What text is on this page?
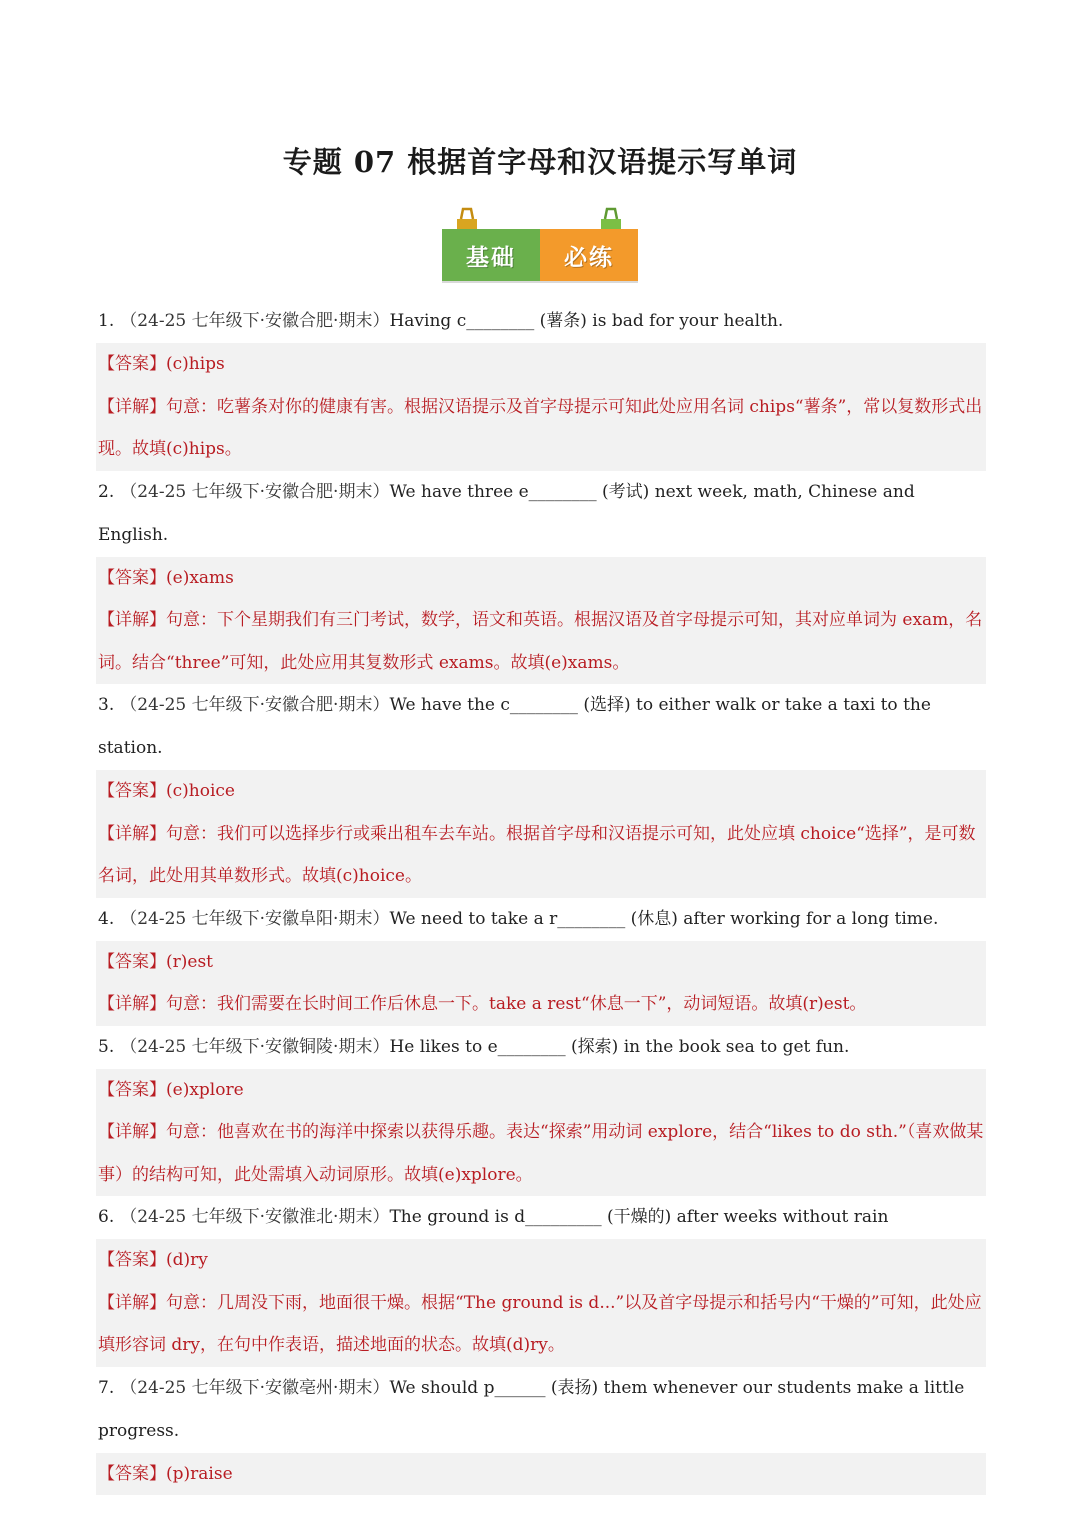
专题 07 根据首字母和汉语提示写单词
基础	必练
1. （24-25 七年级下·安徽合肥·期末）Having c________ (薯条) is bad for your health.
【答案】(c)hips
【详解】句意：吃薯条对你的健康有害。根据汉语提示及首字母提示可知此处应用名词 chips“薯条”，常以复数形式出现。故填(c)hips。
2. （24-25 七年级下·安徽合肥·期末）We have three e________ (考试) next week, math, Chinese and English.
【答案】(e)xams
【详解】句意：下个星期我们有三门考试，数学，语文和英语。根据汉语及首字母提示可知，其对应单词为 exam，名词。结合“three”可知，此处应用其复数形式 exams。故填(e)xams。
3. （24-25 七年级下·安徽合肥·期末）We have the c________ (选择) to either walk or take a taxi to the station.
【答案】(c)hoice
【详解】句意：我们可以选择步行或乘出租车去车站。根据首字母和汉语提示可知，此处应填 choice“选择”，是可数名词，此处用其单数形式。故填(c)hoice。
4. （24-25 七年级下·安徽阜阳·期末）We need to take a r________ (休息) after working for a long time.
【答案】(r)est
【详解】句意：我们需要在长时间工作后休息一下。take a rest“休息一下”，动词短语。故填(r)est。
5. （24-25 七年级下·安徽铜陵·期末）He likes to e________ (探索) in the book sea to get fun.
【答案】(e)xplore
【详解】句意：他喜欢在书的海洋中探索以获得乐趣。表达“探索”用动词 explore，结合“likes to do sth.”（喜欢做某事）的结构可知，此处需填入动词原形。故填(e)xplore。
6. （24-25 七年级下·安徽淮北·期末）The ground is d_________ (干燥的) after weeks without rain
【答案】(d)ry
【详解】句意：几周没下雨，地面很干燥。根据“The ground is d...”以及首字母提示和括号内“干燥的”可知，此处应填形容词 dry，在句中作表语，描述地面的状态。故填(d)ry。
7. （24-25 七年级下·安徽亳州·期末）We should p______ (表扬) them whenever our students make a little progress.
【答案】(p)raise
